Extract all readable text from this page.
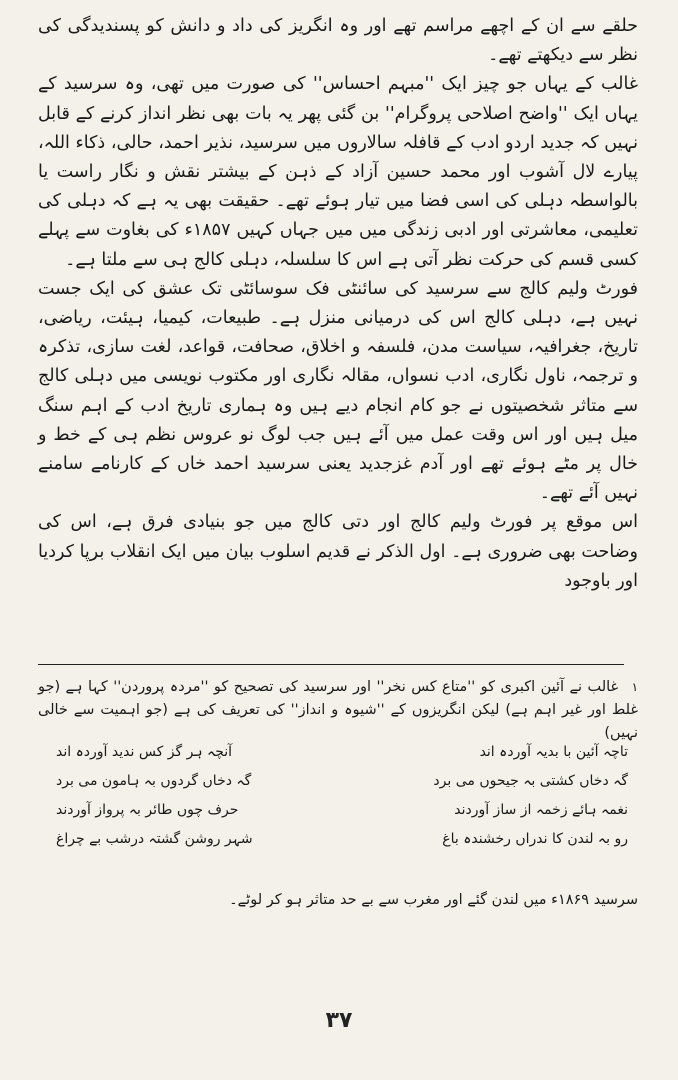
حلقے سے ان کے اچھے مراسم تھے اور وہ انگریز کی داد و دانش کو پسندیدگی کی نظر سے دیکھتے تھے۔

غالب کے یہاں جو چیز ایک ''مبہم احساس'' کی صورت میں تھی، وہ سرسید کے یہاں ایک ''واضح اصلاحی پروگرام'' بن گئی پھر یہ بات بھی نظر انداز کرنے کے قابل نہیں کہ جدید اردو ادب کے قافلہ سالاروں میں سرسید، نذیر احمد، حالی، ذکاء اللہ، پیارے لال آشوب اور محمد حسین آزاد کے ذہن کے بیشتر نقش و نگار راست یا بالواسطہ دہلی کی اسی فضا میں تیار ہوئے تھے۔ حقیقت بھی یہ ہے کہ دہلی کی تعلیمی، معاشرتی اور ادبی زندگی میں میں جہاں کہیں ۱۸۵۷ء کی بغاوت سے پہلے کسی قسم کی حرکت نظر آتی ہے اس کا سلسلہ، دہلی کالج ہی سے ملتا ہے۔

فورٹ ولیم کالج سے سرسید کی سائنٹی فک سوسائٹی تک عشق کی ایک جست نہیں ہے، دہلی کالج اس کی درمیانی منزل ہے۔ طبیعات، کیمیا، ہیئت، ریاضی، تاریخ، جغرافیہ، سیاست مدن، فلسفہ و اخلاق، صحافت، قواعد، لغت سازی، تذکرہ و ترجمہ، ناول نگاری، ادب نسواں، مقالہ نگاری اور مکتوب نویسی میں دہلی کالج سے متاثر شخصیتوں نے جو کام انجام دیے ہیں وہ ہماری تاریخ ادب کے اہم سنگ میل ہیں اور اس وقت عمل میں آئے ہیں جب لوگ نو عروس نظم ہی کے خط و خال پر مٹے ہوئے تھے اور آدم غزجدید یعنی سرسید احمد خاں کے کارنامے سامنے نہیں آئے تھے۔

اس موقع پر فورٹ ولیم کالج اور دتی کالج میں جو بنیادی فرق ہے، اس کی وضاحت بھی ضروری ہے۔ اول الذکر نے قدیم اسلوب بیان میں ایک انقلاب برپا کردیا اور باوجود

۱ غالب نے آئین اکبری کو ''متاع کس نخر'' اور سرسید کی تصحیح کو ''مردہ پروردن'' کہا ہے (جو غلط اور غیر اہم ہے) لیکن انگریزوں کے ''شیوہ و انداز'' کی تعریف کی ہے (جو اہمیت سے خالی نہیں)

تاچہ آئین با بدیہ آوردہ اند
آنچہ ہر گز کس ندید آوردہ اند
گہ دخاں کشتی بہ جیحوں می برد
گہ دخاں گردوں بہ ہامون می برد
نغمہ ہائے زخمہ از ساز آوردند
حرف چوں طائر بہ پرواز آوردند
رو بہ لندن کا ندراں رخشندہ باغ
شہر روشن گشتہ درشب بے چراغ
سرسید ۱۸۶۹ء میں لندن گئے اور مغرب سے بے حد متاثر ہو کر لوٹے۔
۳۷
